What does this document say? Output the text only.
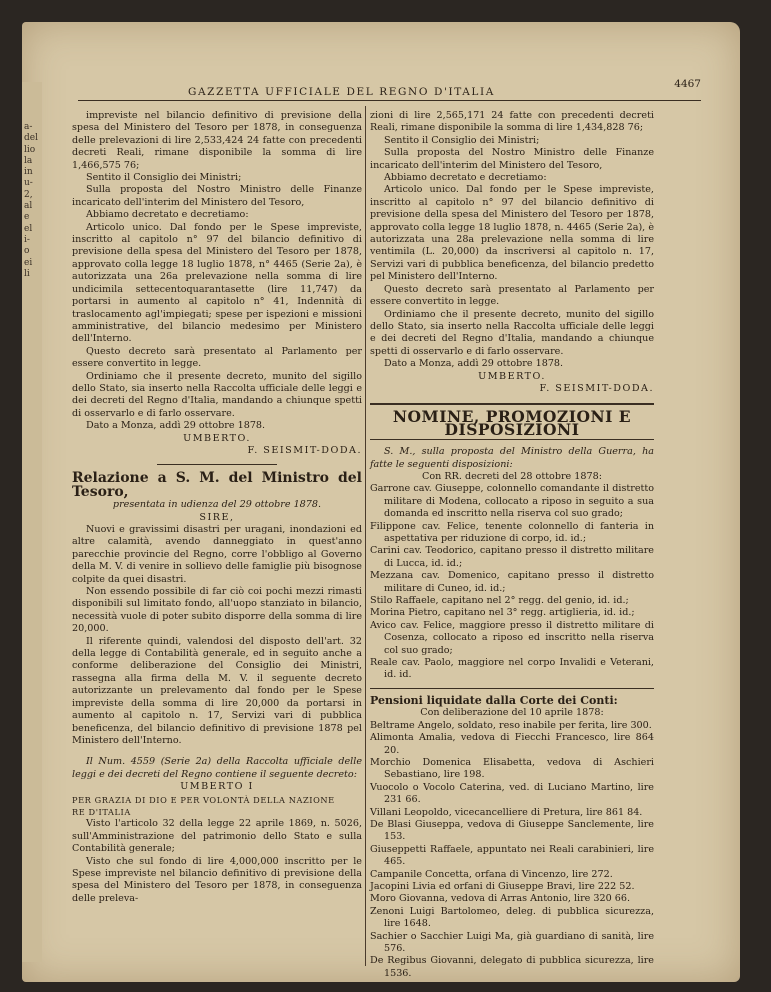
a-
del
lio
la
in
u-
2,
al
e
el
i-
o
ei
li
GAZZETTA UFFICIALE DEL REGNO D'ITALIA
4467

impreviste nel bilancio definitivo di previsione della spesa del Ministero del Tesoro per 1878, in conseguenza delle prelevazioni di lire 2,533,424 24 fatte con precedenti decreti Reali, rimane disponibile la somma di lire 1,466,575 76;

Sentito il Consiglio dei Ministri;

Sulla proposta del Nostro Ministro delle Finanze incaricato dell'interim del Ministero del Tesoro,

Abbiamo decretato e decretiamo:

Articolo unico. Dal fondo per le Spese impreviste, inscritto al capitolo n° 97 del bilancio definitivo di previsione della spesa del Ministero del Tesoro per 1878, approvato colla legge 18 luglio 1878, n° 4465 (Serie 2a), è autorizzata una 26a prelevazione nella somma di lire undicimila settecentoquarantasette (lire 11,747) da portarsi in aumento al capitolo n° 41, Indennità di traslocamento agl'impiegati; spese per ispezioni e missioni amministrative, del bilancio medesimo per Ministero dell'Interno.

Questo decreto sarà presentato al Parlamento per essere convertito in legge.

Ordiniamo che il presente decreto, munito del sigillo dello Stato, sia inserto nella Raccolta ufficiale delle leggi e dei decreti del Regno d'Italia, mandando a chiunque spetti di osservarlo e di farlo osservare.

Dato a Monza, addì 29 ottobre 1878.

UMBERTO.

F. SEISMIT-DODA.

Relazione a S. M. del Ministro del Tesoro,

presentata in udienza del 29 ottobre 1878.

SIRE,

Nuovi e gravissimi disastri per uragani, inondazioni ed altre calamità, avendo danneggiato in quest'anno parecchie provincie del Regno, corre l'obbligo al Governo della M. V. di venire in sollievo delle famiglie più bisognose colpite da quei disastri.

Non essendo possibile di far ciò coi pochi mezzi rimasti disponibili sul limitato fondo, all'uopo stanziato in bilancio, necessità vuole di poter subito disporre della somma di lire 20,000.

Il riferente quindi, valendosi del disposto dell'art. 32 della legge di Contabilità generale, ed in seguito anche a conforme deliberazione del Consiglio dei Ministri, rassegna alla firma della M. V. il seguente decreto autorizzante un prelevamento dal fondo per le Spese impreviste della somma di lire 20,000 da portarsi in aumento al capitolo n. 17, Servizi vari di pubblica beneficenza, del bilancio definitivo di previsione 1878 pel Ministero dell'Interno.

Il Num. 4559 (Serie 2a) della Raccolta ufficiale delle leggi e dei decreti del Regno contiene il seguente decreto:

UMBERTO I

PER GRAZIA DI DIO E PER VOLONTÀ DELLA NAZIONE

RE D'ITALIA

Visto l'articolo 32 della legge 22 aprile 1869, n. 5026, sull'Amministrazione del patrimonio dello Stato e sulla Contabilità generale;

Visto che sul fondo di lire 4,000,000 inscritto per le Spese impreviste nel bilancio definitivo di previsione della spesa del Ministero del Tesoro per 1878, in conseguenza delle preleva-

zioni di lire 2,565,171 24 fatte con precedenti decreti Reali, rimane disponibile la somma di lire 1,434,828 76;

Sentito il Consiglio dei Ministri;

Sulla proposta del Nostro Ministro delle Finanze incaricato dell'interim del Ministero del Tesoro,

Abbiamo decretato e decretiamo:

Articolo unico. Dal fondo per le Spese impreviste, inscritto al capitolo n° 97 del bilancio definitivo di previsione della spesa del Ministero del Tesoro per 1878, approvato colla legge 18 luglio 1878, n. 4465 (Serie 2a), è autorizzata una 28a prelevazione nella somma di lire ventimila (L. 20,000) da inscriversi al capitolo n. 17, Servizi vari di pubblica beneficenza, del bilancio predetto pel Ministero dell'Interno.

Questo decreto sarà presentato al Parlamento per essere convertito in legge.

Ordiniamo che il presente decreto, munito del sigillo dello Stato, sia inserto nella Raccolta ufficiale delle leggi e dei decreti del Regno d'Italia, mandando a chiunque spetti di osservarlo e di farlo osservare.

Dato a Monza, addì 29 ottobre 1878.

UMBERTO.

F. SEISMIT-DODA.

NOMINE, PROMOZIONI E DISPOSIZIONI

S. M., sulla proposta del Ministro della Guerra, ha fatte le seguenti disposizioni:

Con RR. decreti del 28 ottobre 1878:

Garrone cav. Giuseppe, colonnello comandante il distretto militare di Modena, collocato a riposo in seguito a sua domanda ed inscritto nella riserva col suo grado;

Filippone cav. Felice, tenente colonnello di fanteria in aspettativa per riduzione di corpo, id. id.;

Carini cav. Teodorico, capitano presso il distretto militare di Lucca, id. id.;

Mezzana cav. Domenico, capitano presso il distretto militare di Cuneo, id. id.;

Stilo Raffaele, capitano nel 2° regg. del genio, id. id.;

Morina Pietro, capitano nel 3° regg. artiglieria, id. id.;

Avico cav. Felice, maggiore presso il distretto militare di Cosenza, collocato a riposo ed inscritto nella riserva col suo grado;

Reale cav. Paolo, maggiore nel corpo Invalidi e Veterani, id. id.

Pensioni liquidate dalla Corte dei Conti:

Con deliberazione del 10 aprile 1878:

Beltrame Angelo, soldato, reso inabile per ferita, lire 300.

Alimonta Amalia, vedova di Fiecchi Francesco, lire 864 20.

Morchio Domenica Elisabetta, vedova di Aschieri Sebastiano, lire 198.

Vuocolo o Vocolo Caterina, ved. di Luciano Martino, lire 231 66.

Villani Leopoldo, vicecancelliere di Pretura, lire 861 84.

De Blasi Giuseppa, vedova di Giuseppe Sanclemente, lire 153.

Giuseppetti Raffaele, appuntato nei Reali carabinieri, lire 465.

Campanile Concetta, orfana di Vincenzo, lire 272.

Jacopini Livia ed orfani di Giuseppe Bravi, lire 222 52.

Moro Giovanna, vedova di Arras Antonio, lire 320 66.

Zenoni Luigi Bartolomeo, deleg. di pubblica sicurezza, lire 1648.

Sachier o Sacchier Luigi Ma, già guardiano di sanità, lire 576.

De Regibus Giovanni, delegato di pubblica sicurezza, lire 1536.
